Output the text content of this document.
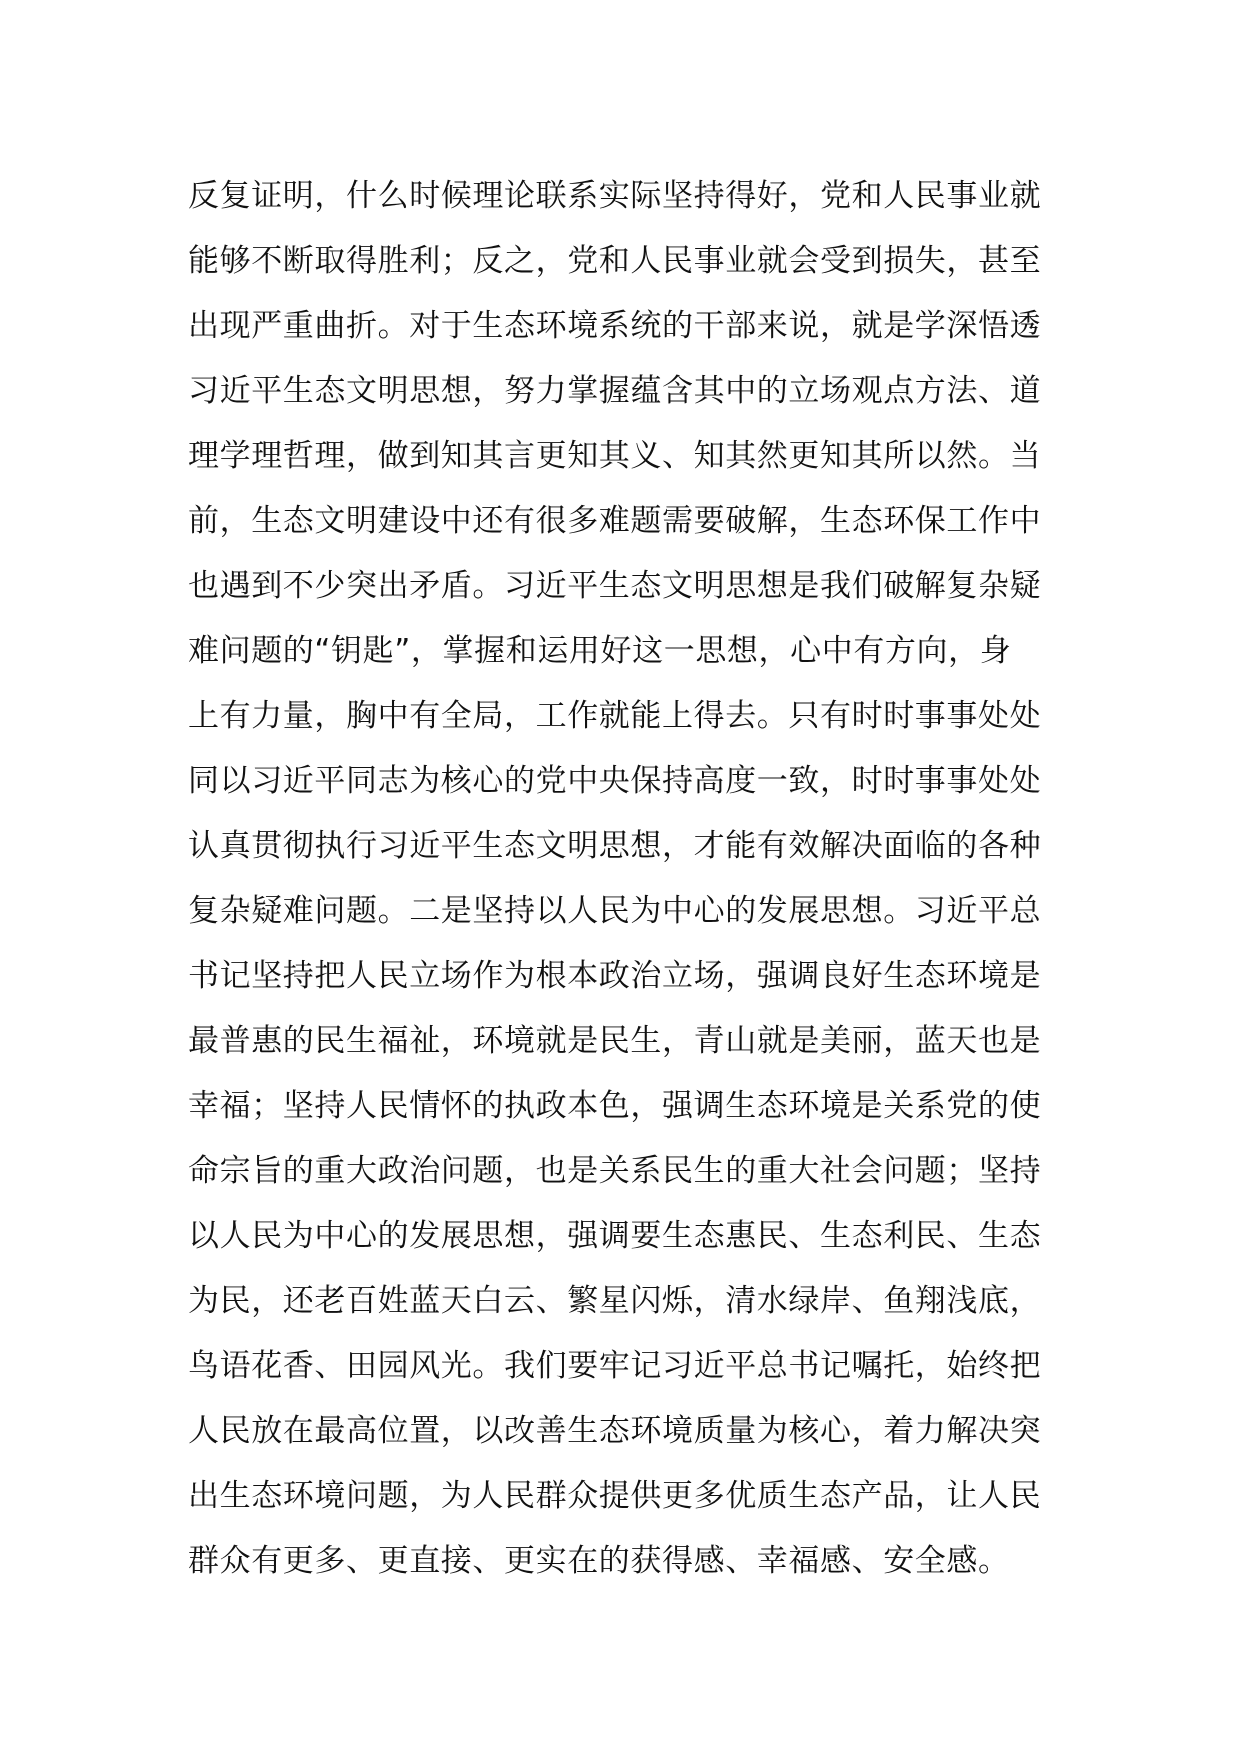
反复证明，什么时候理论联系实际坚持得好，党和人民事业就
能够不断取得胜利；反之，党和人民事业就会受到损失，甚至
出现严重曲折。对于生态环境系统的干部来说，就是学深悟透
习近平生态文明思想，努力掌握蕴含其中的立场观点方法、道
理学理哲理，做到知其言更知其义、知其然更知其所以然。当
前，生态文明建设中还有很多难题需要破解，生态环保工作中
也遇到不少突出矛盾。习近平生态文明思想是我们破解复杂疑
难问题的“钥匙”，掌握和运用好这一思想，心中有方向，身
上有力量，胸中有全局，工作就能上得去。只有时时事事处处
同以习近平同志为核心的党中央保持高度一致，时时事事处处
认真贯彻执行习近平生态文明思想，才能有效解决面临的各种
复杂疑难问题。二是坚持以人民为中心的发展思想。习近平总
书记坚持把人民立场作为根本政治立场，强调良好生态环境是
最普惠的民生福祉，环境就是民生，青山就是美丽，蓝天也是
幸福；坚持人民情怀的执政本色，强调生态环境是关系党的使
命宗旨的重大政治问题，也是关系民生的重大社会问题；坚持
以人民为中心的发展思想，强调要生态惠民、生态利民、生态
为民，还老百姓蓝天白云、繁星闪烁，清水绿岸、鱼翔浅底，
鸟语花香、田园风光。我们要牢记习近平总书记嘱托，始终把
人民放在最高位置，以改善生态环境质量为核心，着力解决突
出生态环境问题，为人民群众提供更多优质生态产品，让人民
群众有更多、更直接、更实在的获得感、幸福感、安全感。
